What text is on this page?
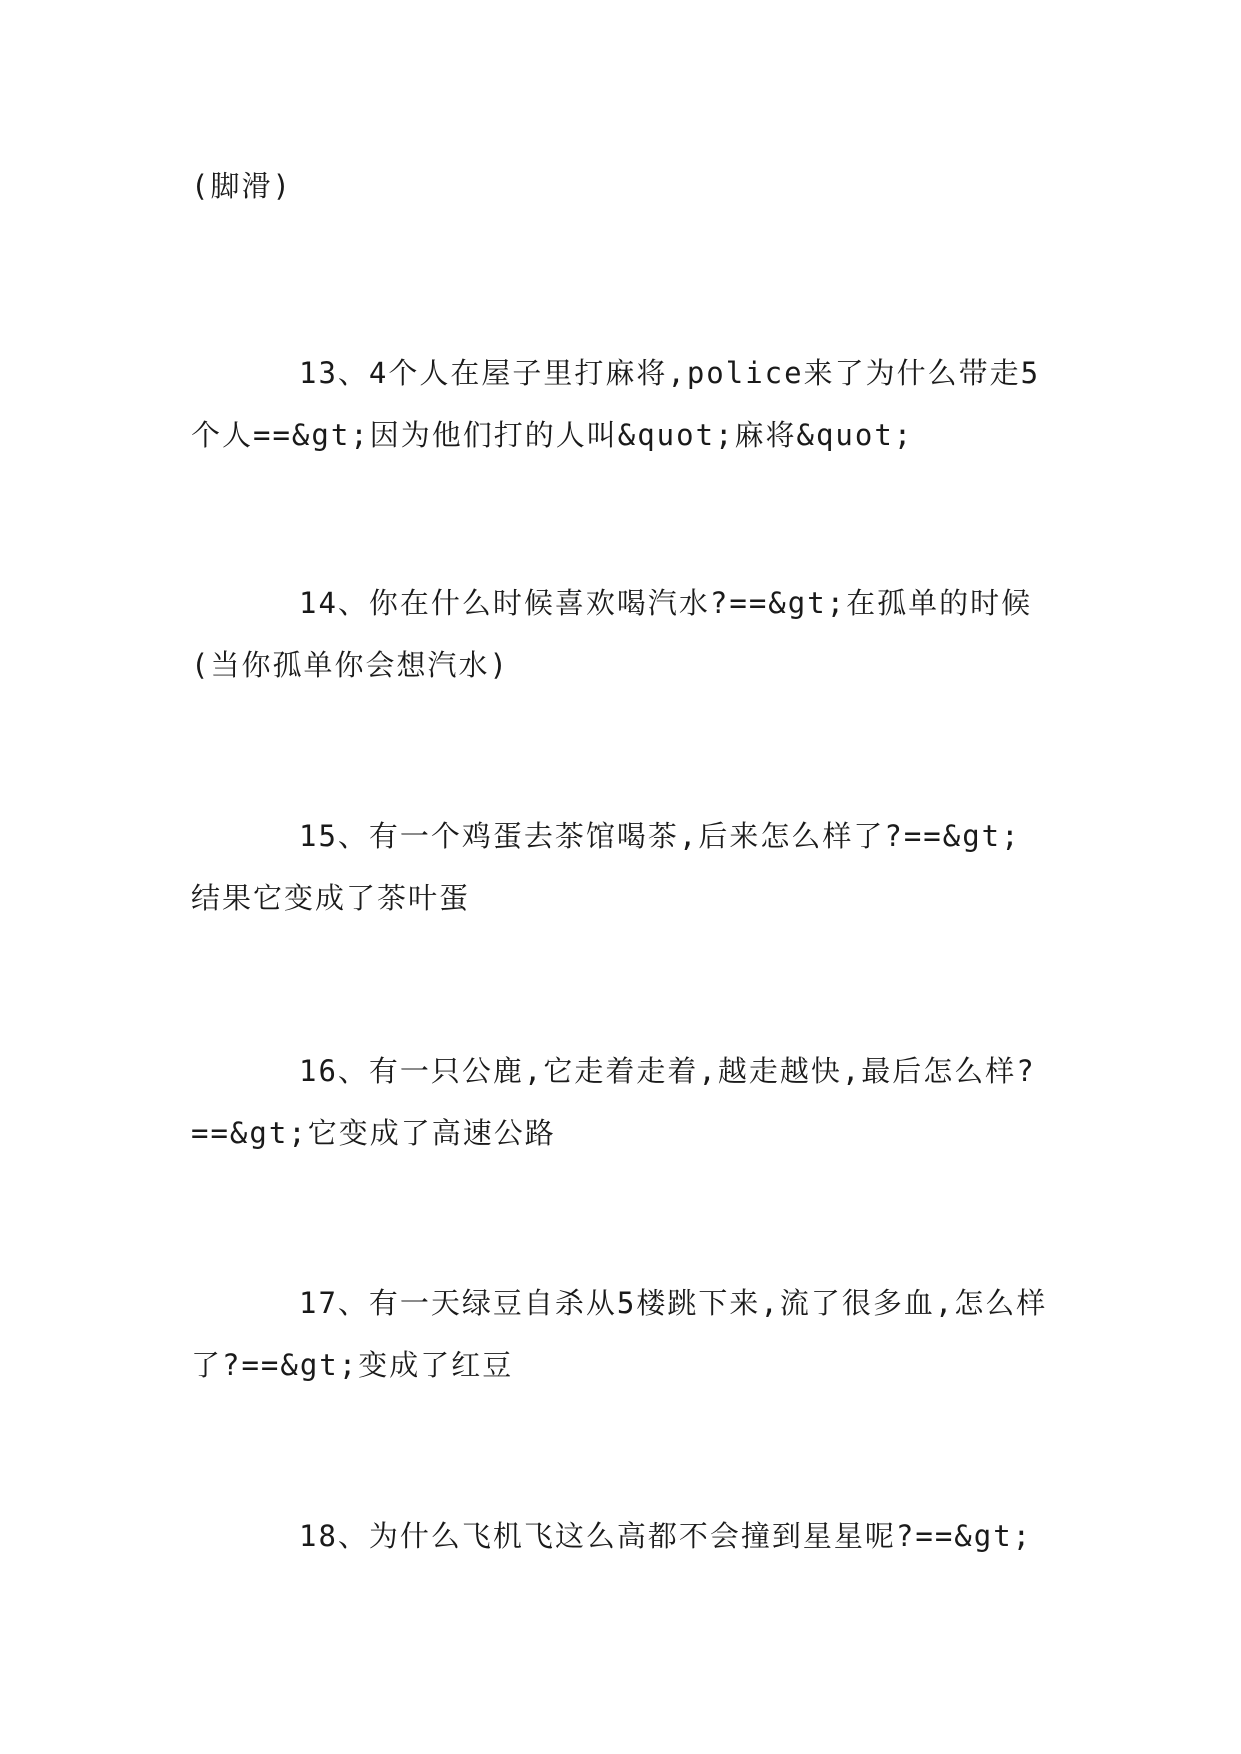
(脚滑)

13、4个人在屋子里打麻将,police来了为什么带走5个人==&gt;因为他们打的人叫&quot;麻将&quot;

14、你在什么时候喜欢喝汽水?==&gt;在孤单的时候(当你孤单你会想汽水)

15、有一个鸡蛋去茶馆喝茶,后来怎么样了?==&gt;结果它变成了茶叶蛋

16、有一只公鹿,它走着走着,越走越快,最后怎么样?==&gt;它变成了高速公路

17、有一天绿豆自杀从5楼跳下来,流了很多血,怎么样了?==&gt;变成了红豆

18、为什么飞机飞这么高都不会撞到星星呢?==&gt;
